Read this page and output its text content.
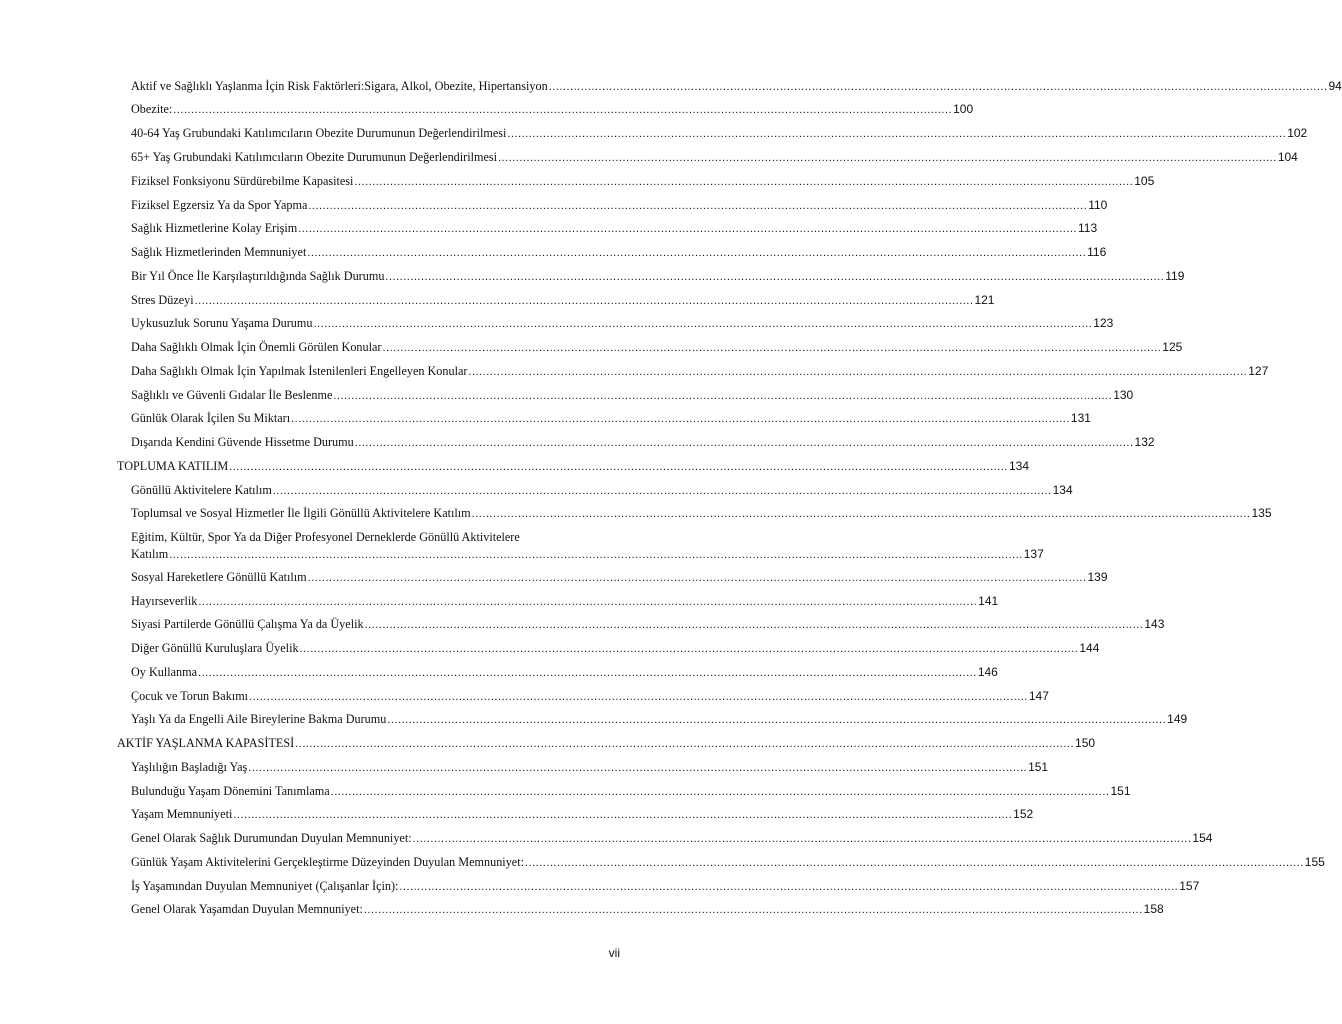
Aktif ve Sağlıklı Yaşlanma İçin Risk Faktörleri:Sigara, Alkol, Obezite, Hipertansiyon .....	94
Obezite: .....	100
40-64 Yaş Grubundaki Katılımcıların Obezite Durumunun Değerlendirilmesi .....	102
65+ Yaş Grubundaki Katılımcıların Obezite Durumunun Değerlendirilmesi .....	104
Fiziksel Fonksiyonu Sürdürebilme Kapasitesi .....	105
Fiziksel Egzersiz Ya da Spor Yapma .....	110
Sağlık Hizmetlerine Kolay Erişim .....	113
Sağlık Hizmetlerinden Memnuniyet .....	116
Bir Yıl Önce İle Karşılaştırıldığında Sağlık Durumu .....	119
Stres Düzeyi .....	121
Uykusuzluk Sorunu Yaşama Durumu .....	123
Daha Sağlıklı Olmak İçin Önemli Görülen Konular .....	125
Daha Sağlıklı Olmak İçin Yapılmak İstenilenleri Engelleyen Konular .....	127
Sağlıklı ve Güvenli Gıdalar İle Beslenme .....	130
Günlük Olarak İçilen Su Miktarı .....	131
Dışarıda Kendini Güvende Hissetme Durumu .....	132
TOPLUMA KATILIM .....	134
Gönüllü Aktivitelere Katılım .....	134
Toplumsal ve Sosyal Hizmetler İle İlgili Gönüllü Aktivitelere Katılım .....	135
Eğitim, Kültür, Spor Ya da Diğer Profesyonel Derneklerde Gönüllü Aktivitelere
Katılım ................................................................................................................................................................................................................................................ 137
Sosyal Hareketlere Gönüllü Katılım .....	139
Hayırseverlik .....	141
Siyasi Partilerde Gönüllü Çalışma Ya da Üyelik .....	143
Diğer Gönüllü Kuruluşlara Üyelik .....	144
Oy Kullanma .....	146
Çocuk ve Torun Bakımı .....	147
Yaşlı Ya da Engelli Aile Bireylerine Bakma Durumu .....	149
AKTİF YAŞLANMA KAPASİTESİ .....	150
Yaşlılığın Başladığı Yaş .....	151
Bulunduğu Yaşam Dönemini Tanımlama .....	151
Yaşam Memnuniyeti .....	152
Genel Olarak Sağlık Durumundan Duyulan Memnuniyet: .....	154
Günlük Yaşam Aktivitelerini Gerçekleştirme Düzeyinden Duyulan Memnuniyet: .....	155
İş Yaşamından Duyulan Memnuniyet (Çalışanlar İçin): .....	157
Genel Olarak Yaşamdan Duyulan Memnuniyet: .....	158
vii
